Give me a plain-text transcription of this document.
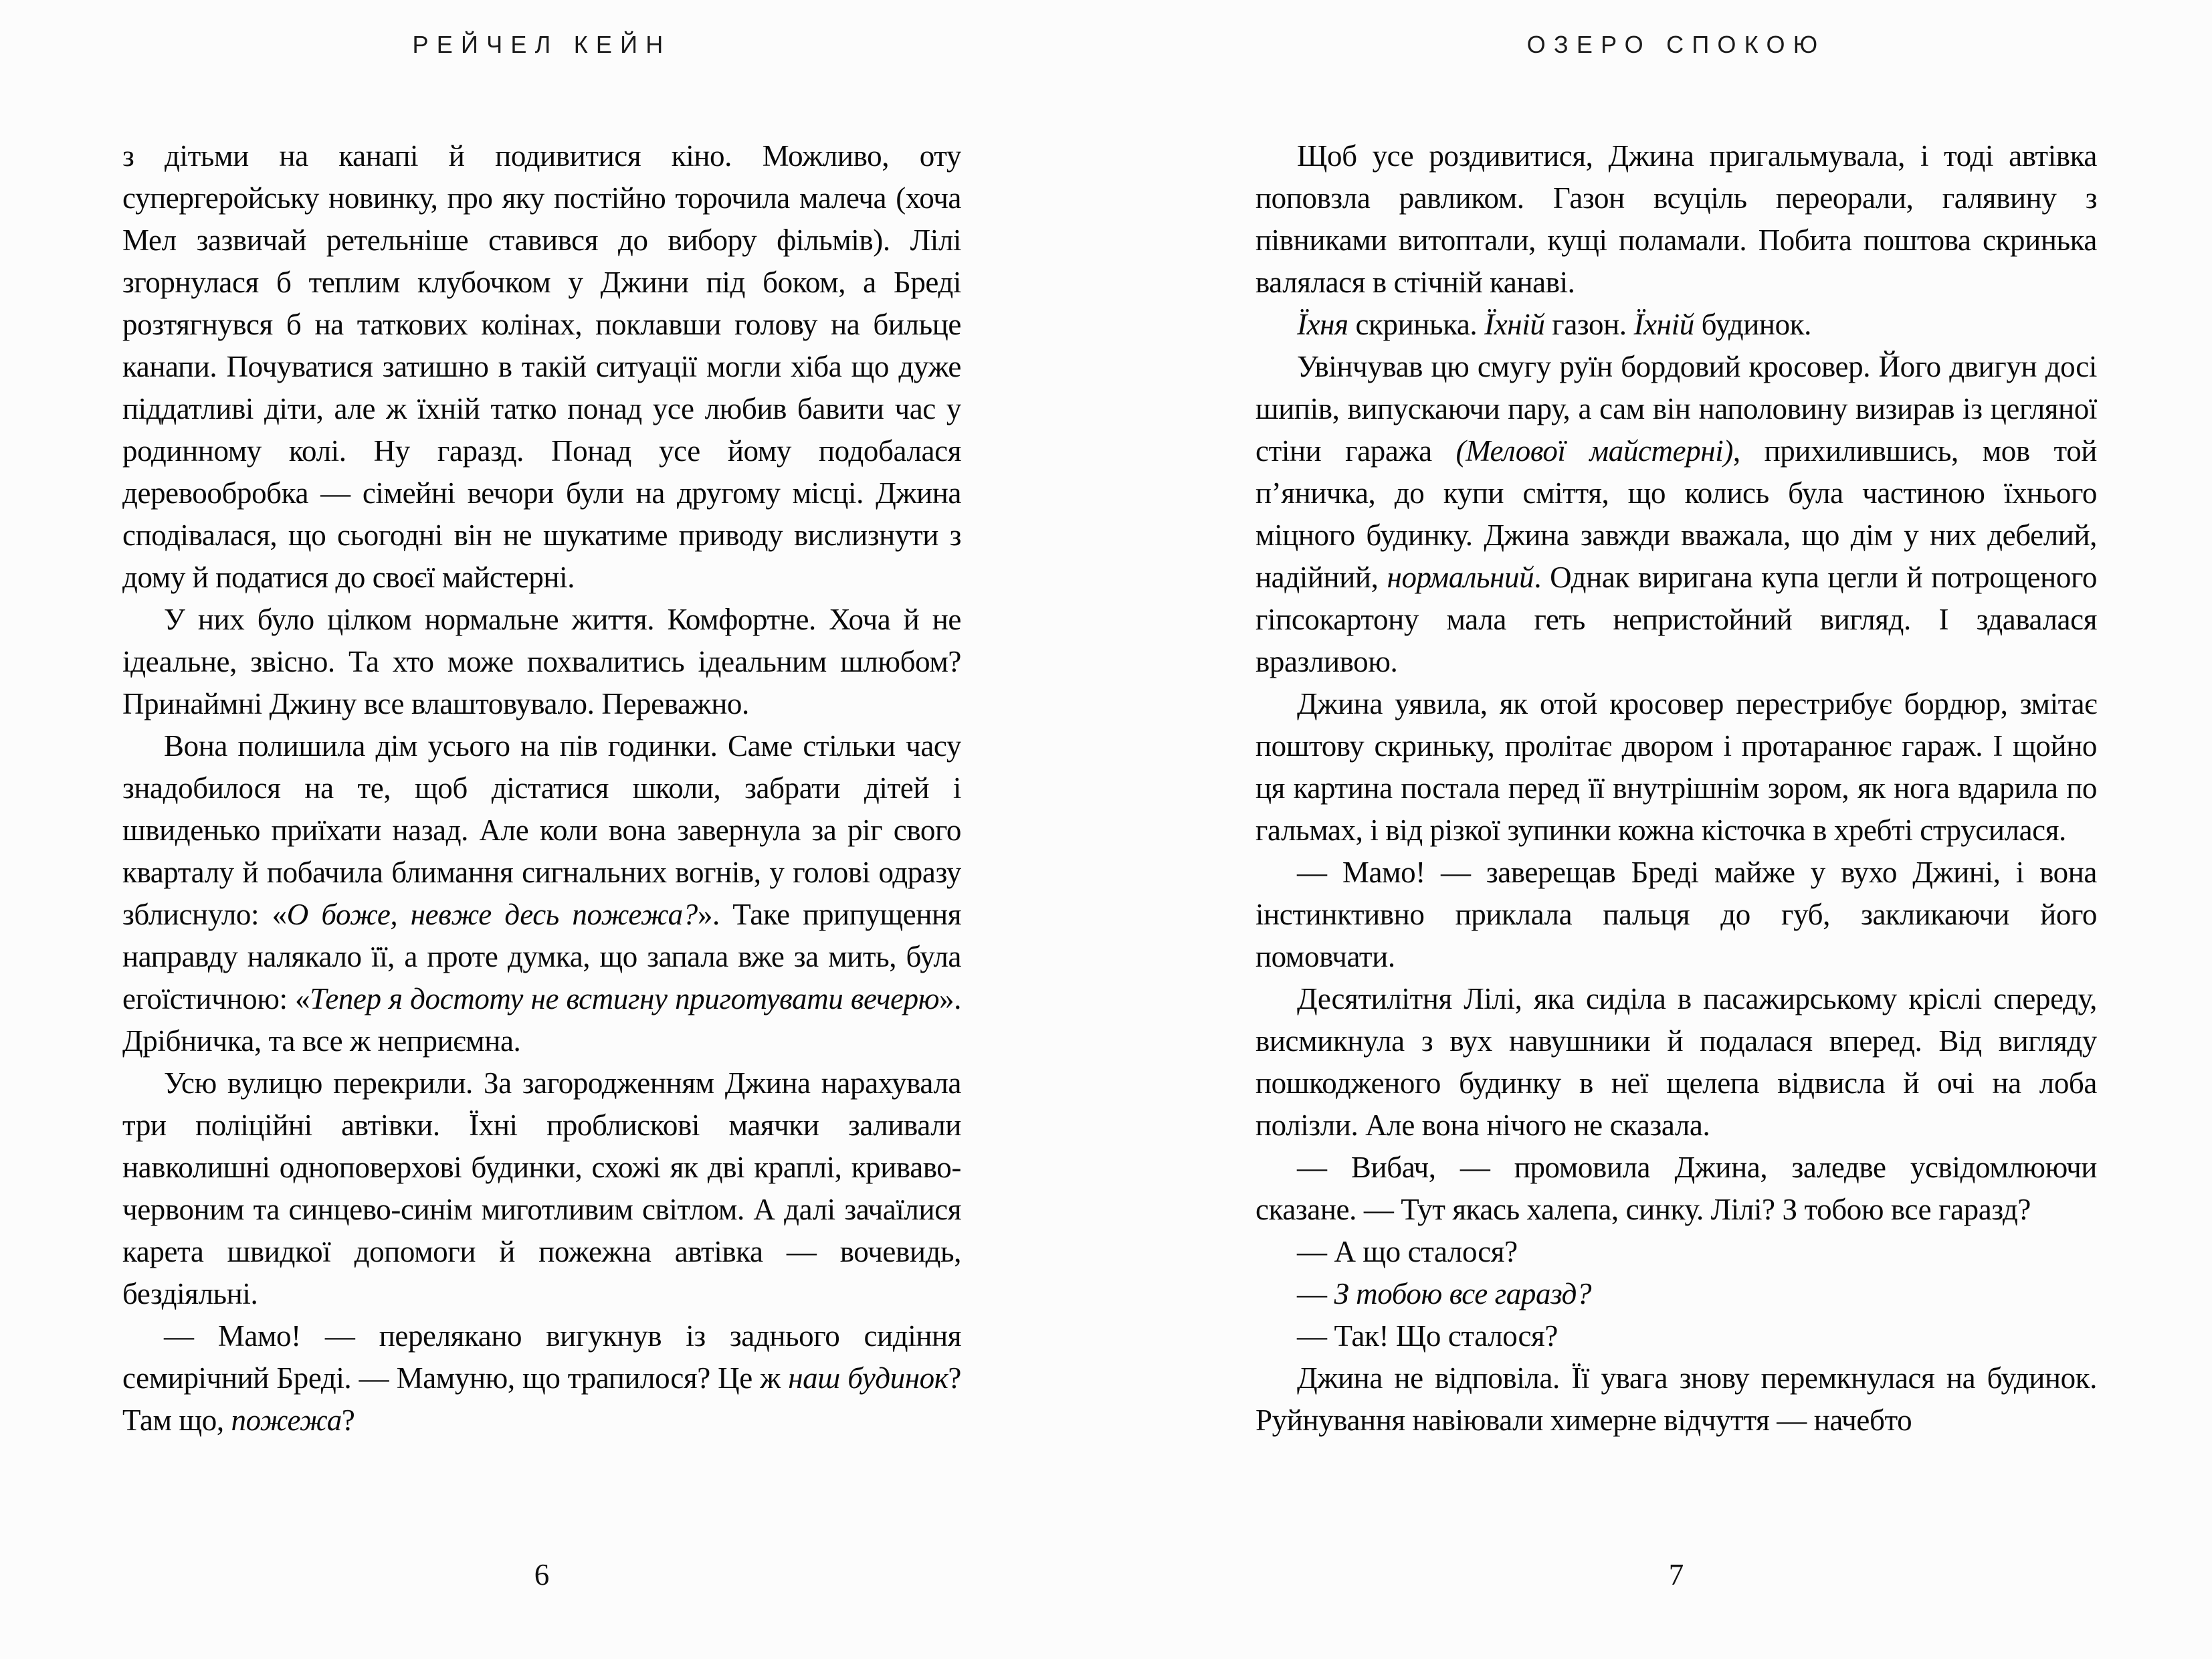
РЕЙЧЕЛ КЕЙН	ОЗЕРО СПОКОЮ

з дітьми на канапі й подивитися кіно. Можливо, оту супергеройську новинку, про яку постійно торочила малеча (хоча Мел зазвичай ретельніше ставився до вибору фільмів). Лілі згорнулася б теплим клубочком у Джини під боком, а Бреді розтягнувся б на таткових колінах, поклавши голову на бильце канапи. Почуватися затишно в такій ситуації могли хіба що дуже піддатливі діти, але ж їхній татко понад усе любив бавити час у родинному колі. Ну гаразд. Понад усе йому подобалася деревообробка — сімейні вечори були на другому місці. Джина сподівалася, що сьогодні він не шукатиме приводу вислизнути з дому й податися до своєї майстерні.

У них було цілком нормальне життя. Комфортне. Хоча й не ідеальне, звісно. Та хто може похвалитись ідеальним шлюбом? Принаймні Джину все влаштовувало. Переважно.

Вона полишила дім усього на пів годинки. Саме стільки часу знадобилося на те, щоб дістатися школи, забрати дітей і швиденько приїхати назад. Але коли вона завернула за ріг свого кварталу й побачила блимання сигнальних вогнів, у голові одразу зблиснуло: «О боже, невже десь пожежа?». Таке припущення направду налякало її, а проте думка, що запала вже за мить, була егоїстичною: «Тепер я достоту не встигну приготувати вечерю». Дрібничка, та все ж неприємна.

Усю вулицю перекрили. За загородженням Джина нарахувала три поліційні автівки. Їхні проблискові маячки заливали навколишні одноповерхові будинки, схожі як дві краплі, криваво-червоним та синцево-синім миготливим світлом. А далі зачаїлися карета швидкої допомоги й пожежна автівка — вочевидь, бездіяльні.

— Мамо! — перелякано вигукнув із заднього сидіння семирічний Бреді. — Мамуню, що трапилося? Це ж наш будинок? Там що, пожежа?

Щоб усе роздивитися, Джина пригальмувала, і тоді автівка поповзла равликом. Газон всуціль переорали, галявину з півниками витоптали, кущі поламали. Побита поштова скринька валялася в стічній канаві.

Їхня скринька. Їхній газон. Їхній будинок.

Увінчував цю смугу руїн бордовий кросовер. Його двигун досі шипів, випускаючи пару, а сам він наполовину визирав із цегляної стіни гаража (Мелової майстерні), прихилившись, мов той п’яничка, до купи сміття, що колись була частиною їхнього міцного будинку. Джина завжди вважала, що дім у них дебелий, надійний, нормальний. Однак виригана купа цегли й потрощеного гіпсокартону мала геть непристойний вигляд. І здавалася вразливою.

Джина уявила, як отой кросовер перестрибує бордюр, змітає поштову скриньку, пролітає двором і протаранює гараж. І щойно ця картина постала перед її внутрішнім зором, як нога вдарила по гальмах, і від різкої зупинки кожна кісточка в хребті струсилася.

— Мамо! — заверещав Бреді майже у вухо Джині, і вона інстинктивно приклала пальця до губ, закликаючи його помовчати.

Десятилітня Лілі, яка сиділа в пасажирському кріслі спереду, висмикнула з вух навушники й подалася вперед. Від вигляду пошкодженого будинку в неї щелепа відвисла й очі на лоба полізли. Але вона нічого не сказала.

— Вибач, — промовила Джина, заледве усвідомлюючи сказане. — Тут якась халепа, синку. Лілі? З тобою все гаразд?

— А що сталося?

— З тобою все гаразд?

— Так! Що сталося?

Джина не відповіла. Її увага знову перемкнулася на будинок. Руйнування навіювали химерне відчуття — начебто

6	7
